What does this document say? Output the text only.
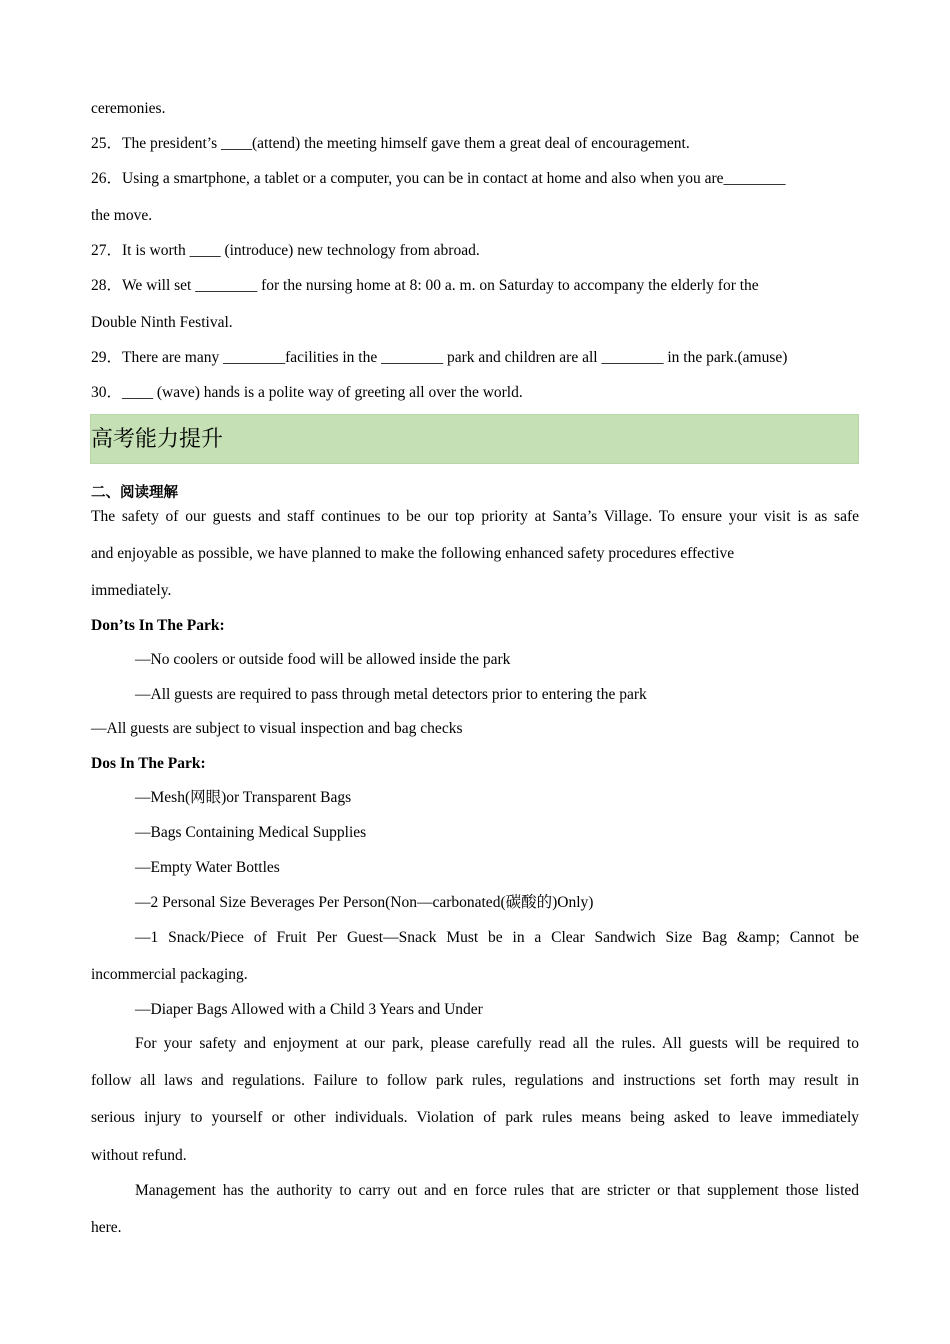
ceremonies.
25．The president’s ____(attend) the meeting himself gave them a great deal of encouragement.
26．Using a smartphone, a tablet or a computer, you can be in contact at home and also when you are________
the move.
27．It is worth ____ (introduce) new technology from abroad.
28．We will set ________ for the nursing home at 8: 00 a. m. on Saturday to accompany the elderly for the
Double Ninth Festival.
29．There are many ________facilities in the ________ park and children are all ________ in the park.(amuse)
30．____ (wave) hands is a polite way of greeting all over the world.
高考能力提升
二、阅读理解
The safety of our guests and staff continues to be our top priority at Santa’s Village. To ensure your visit is as safe
and enjoyable as possible, we have planned to make the following enhanced safety procedures effective
immediately.
Don’ts In The Park:
—No coolers or outside food will be allowed inside the park
—All guests are required to pass through metal detectors prior to entering the park
—All guests are subject to visual inspection and bag checks
Dos In The Park:
—Mesh(网眼)or Transparent Bags
—Bags Containing Medical Supplies
—Empty Water Bottles
—2 Personal Size Beverages Per Person(Non—carbonated(碳酸的)Only)
—1 Snack/Piece of Fruit Per Guest—Snack Must be in a Clear Sandwich Size Bag &amp; Cannot be
incommercial packaging.
—Diaper Bags Allowed with a Child 3 Years and Under
For your safety and enjoyment at our park, please carefully read all the rules. All guests will be required to
follow all laws and regulations. Failure to follow park rules, regulations and instructions set forth may result in
serious injury to yourself or other individuals. Violation of park rules means being asked to leave immediately
without refund.
Management has the authority to carry out and en force rules that are stricter or that supplement those listed
here.
